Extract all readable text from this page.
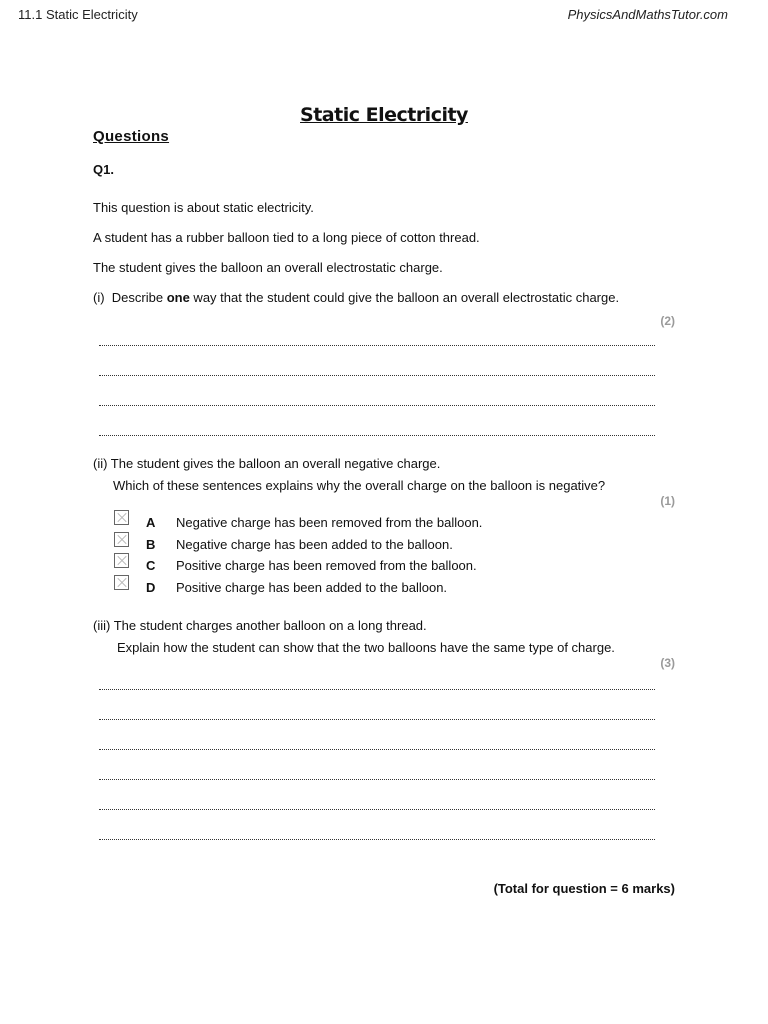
11.1 Static Electricity	PhysicsAndMathsTutor.com
Static Electricity
Questions
Q1.
This question is about static electricity.
A student has a rubber balloon tied to a long piece of cotton thread.
The student gives the balloon an overall electrostatic charge.
(i)  Describe one way that the student could give the balloon an overall electrostatic charge.
(2)
(ii) The student gives the balloon an overall negative charge.
Which of these sentences explains why the overall charge on the balloon is negative?
(1)
A Negative charge has been removed from the balloon.
B Negative charge has been added to the balloon.
C Positive charge has been removed from the balloon.
D Positive charge has been added to the balloon.
(iii) The student charges another balloon on a long thread.
Explain how the student can show that the two balloons have the same type of charge.
(3)
(Total for question = 6 marks)
